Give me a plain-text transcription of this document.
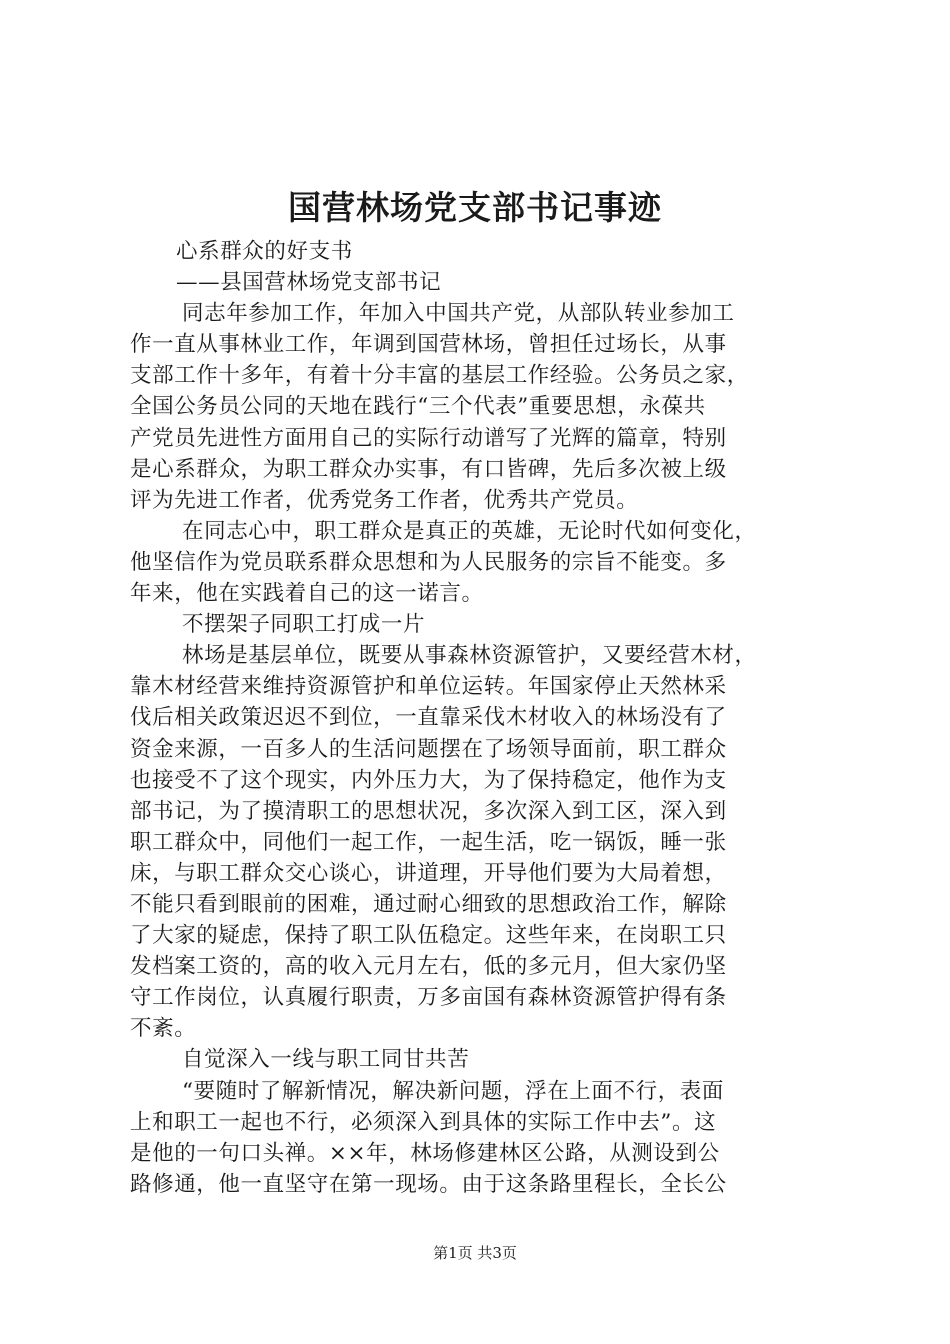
国营林场党支部书记事迹
心系群众的好支书
——县国营林场党支部书记
同志年参加工作，年加入中国共产党，从部队转业参加工
作一直从事林业工作，年调到国营林场，曾担任过场长，从事
支部工作十多年，有着十分丰富的基层工作经验。公务员之家，
全国公务员公同的天地在践行“三个代表”重要思想，永葆共
产党员先进性方面用自己的实际行动谱写了光辉的篇章，特别
是心系群众，为职工群众办实事，有口皆碑，先后多次被上级
评为先进工作者，优秀党务工作者，优秀共产党员。
在同志心中，职工群众是真正的英雄，无论时代如何变化，
他坚信作为党员联系群众思想和为人民服务的宗旨不能变。多
年来，他在实践着自己的这一诺言。
不摆架子同职工打成一片
林场是基层单位，既要从事森林资源管护，又要经营木材，
靠木材经营来维持资源管护和单位运转。年国家停止天然林采
伐后相关政策迟迟不到位，一直靠采伐木材收入的林场没有了
资金来源，一百多人的生活问题摆在了场领导面前，职工群众
也接受不了这个现实，内外压力大，为了保持稳定，他作为支
部书记，为了摸清职工的思想状况，多次深入到工区，深入到
职工群众中，同他们一起工作，一起生活，吃一锅饭，睡一张
床，与职工群众交心谈心，讲道理，开导他们要为大局着想，
不能只看到眼前的困难，通过耐心细致的思想政治工作，解除
了大家的疑虑，保持了职工队伍稳定。这些年来，在岗职工只
发档案工资的，高的收入元月左右，低的多元月，但大家仍坚
守工作岗位，认真履行职责，万多亩国有森林资源管护得有条
不紊。
自觉深入一线与职工同甘共苦
“要随时了解新情况，解决新问题，浮在上面不行，表面
上和职工一起也不行，必须深入到具体的实际工作中去”。这
是他的一句口头禅。××年，林场修建林区公路，从测设到公
路修通，他一直坚守在第一现场。由于这条路里程长，全长公
第1页 共3页
